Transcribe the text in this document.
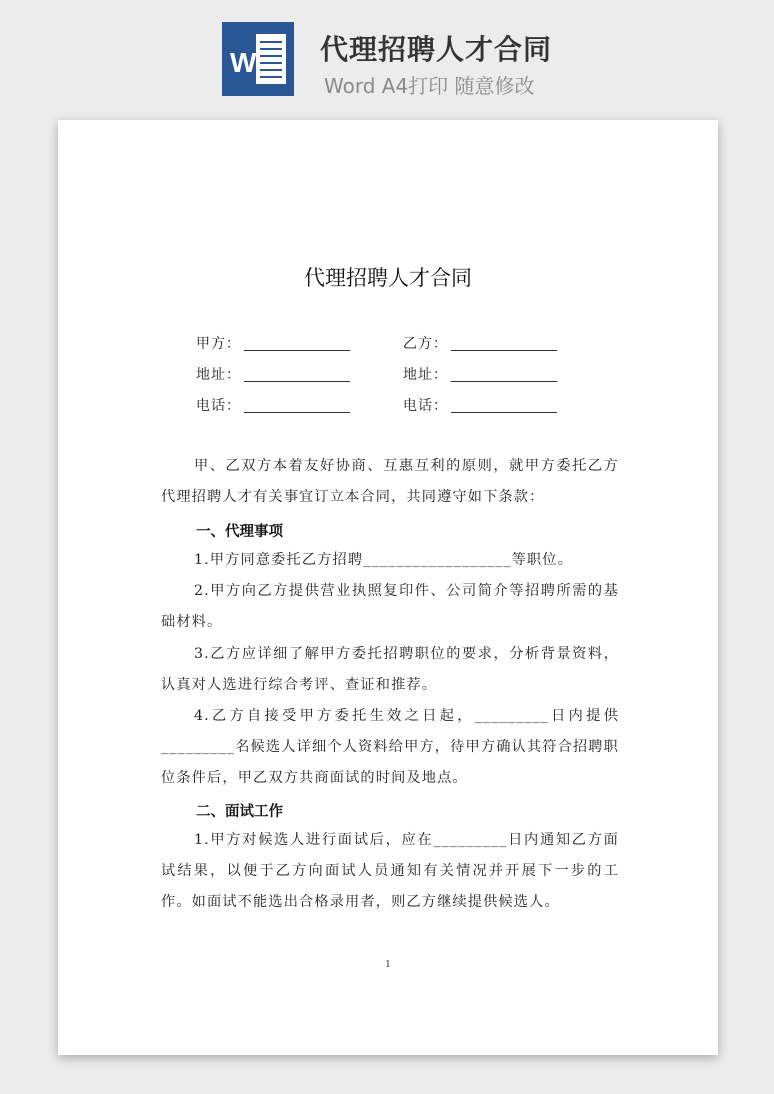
W 代理招聘人才合同
Word A4打印 随意修改
代理招聘人才合同
甲方：	乙方：
地址：	地址：
电话：	电话：
甲、乙双方本着友好协商、互惠互利的原则，就甲方委托乙方代理招聘人才有关事宜订立本合同，共同遵守如下条款：
一、代理事项
1.甲方同意委托乙方招聘__________________等职位。
2.甲方向乙方提供营业执照复印件、公司简介等招聘所需的基础材料。
3.乙方应详细了解甲方委托招聘职位的要求，分析背景资料，认真对人选进行综合考评、查证和推荐。
4.乙方自接受甲方委托生效之日起，_________日内提供_________名候选人详细个人资料给甲方，待甲方确认其符合招聘职位条件后，甲乙双方共商面试的时间及地点。
二、面试工作
1.甲方对候选人进行面试后，应在_________日内通知乙方面试结果，以便于乙方向面试人员通知有关情况并开展下一步的工作。如面试不能选出合格录用者，则乙方继续提供候选人。
1
